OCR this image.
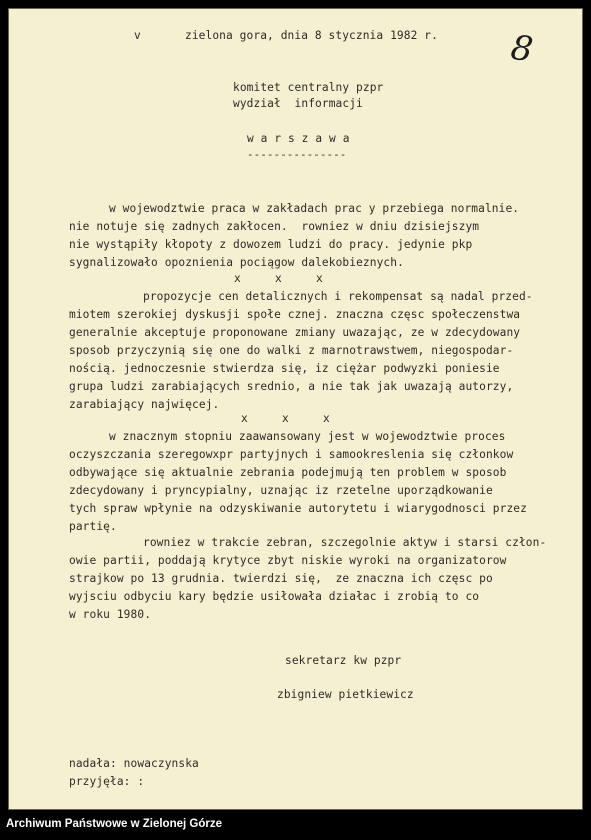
v	zielona gora, dnia 8 stycznia 1982 r. 8
komitet centralny pzpr
wydział  informacji
w a r s z a w a
---------------
w wojewodztwie praca w zakładach prac y przebiega normalnie.
nie notuje się zadnych zakłocen.  rowniez w dniu dzisiejszym
nie wystąpiły kłopoty z dowozem ludzi do pracy. jedynie pkp
sygnalizowało opoznienia pociągow dalekobieznych.
x     x     x
propozycje cen detalicznych i rekompensat są nadal przed-
miotem szerokiej dyskusji społe cznej. znaczna częsc społeczenstwa
generalnie akceptuje proponowane zmiany uwazając, ze w zdecydowany
sposob przyczynią się one do walki z marnotrawstwem, niegospodar-
nością. jednoczesnie stwierdza się, iz ciężar podwyzki poniesie
grupa ludzi zarabiających srednio, a nie tak jak uwazają autorzy,
zarabiający najwięcej.
x     x     x
w znacznym stopniu zaawansowany jest w wojewodztwie proces
oczyszczania szeregowxpr partyjnych i samookreslenia się członkow
odbywające się aktualnie zebrania podejmują ten problem w sposob
zdecydowany i pryncypialny, uznając iz rzetelne uporządkowanie
tych spraw wpłynie na odzyskiwanie autorytetu i wiarygodnosci przez
partię.
rowniez w trakcie zebran, szczegolnie aktyw i starsi człon-
owie partii, poddają krytyce zbyt niskie wyroki na organizatorow
strajkow po 13 grudnia. twierdzi się,  ze znaczna ich częsc po
wyjsciu odbyciu kary będzie usiłowała działac i zrobią to co
w roku 1980.
sekretarz kw pzpr
zbigniew pietkiewicz
nadała: nowaczynska
przyjęła: :
Archiwum Państwowe w Zielonej Górze
